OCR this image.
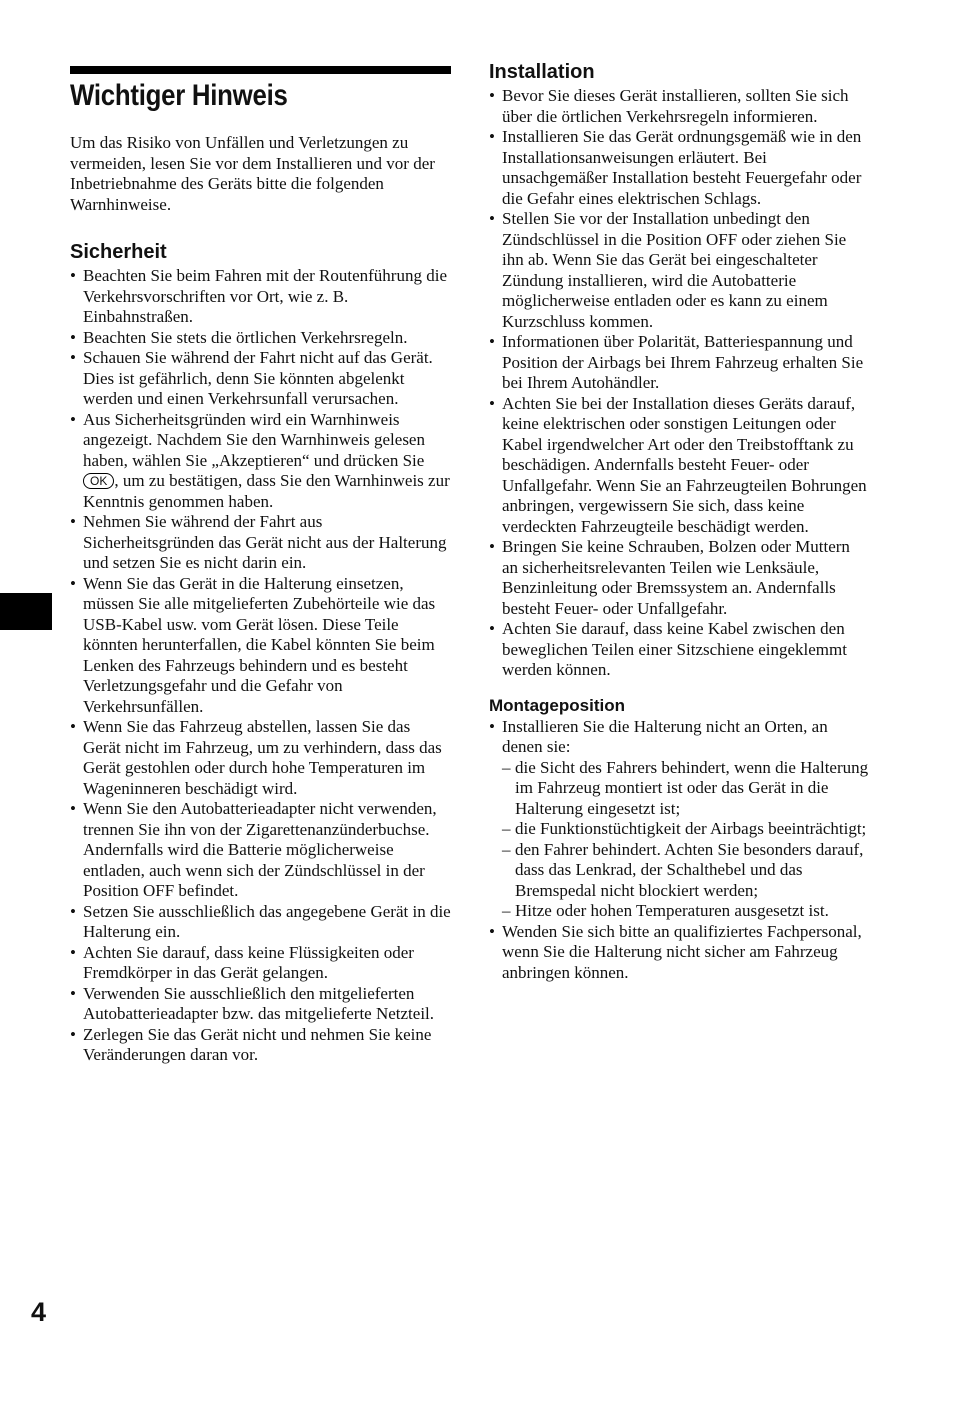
Wichtiger Hinweis
4

Um das Risiko von Unfällen und Verletzungen zu vermeiden, lesen Sie vor dem Installieren und vor der Inbetriebnahme des Geräts bitte die folgenden Warnhinweise.

Sicherheit
• Beachten Sie beim Fahren mit der Routenführung die Verkehrsvorschriften vor Ort, wie z. B. Einbahnstraßen.
• Beachten Sie stets die örtlichen Verkehrsregeln.
• Schauen Sie während der Fahrt nicht auf das Gerät. Dies ist gefährlich, denn Sie könnten abgelenkt werden und einen Verkehrsunfall verursachen.
• Aus Sicherheitsgründen wird ein Warnhinweis angezeigt. Nachdem Sie den Warnhinweis gelesen haben, wählen Sie „Akzeptieren“ und drücken Sie OK , um zu bestätigen, dass Sie den Warnhinweis zur Kenntnis genommen haben.
• Nehmen Sie während der Fahrt aus Sicherheitsgründen das Gerät nicht aus der Halterung und setzen Sie es nicht darin ein.
• Wenn Sie das Gerät in die Halterung einsetzen, müssen Sie alle mitgelieferten Zubehörteile wie das USB-Kabel usw. vom Gerät lösen. Diese Teile könnten herunterfallen, die Kabel könnten Sie beim Lenken des Fahrzeugs behindern und es besteht Verletzungsgefahr und die Gefahr von Verkehrsunfällen.
• Wenn Sie das Fahrzeug abstellen, lassen Sie das Gerät nicht im Fahrzeug, um zu verhindern, dass das Gerät gestohlen oder durch hohe Temperaturen im Wageninneren beschädigt wird.
• Wenn Sie den Autobatterieadapter nicht verwenden, trennen Sie ihn von der Zigarettenanzünderbuchse. Andernfalls wird die Batterie möglicherweise entladen, auch wenn sich der Zündschlüssel in der Position OFF befindet.
• Setzen Sie ausschließlich das angegebene Gerät in die Halterung ein.
• Achten Sie darauf, dass keine Flüssigkeiten oder Fremdkörper in das Gerät gelangen.
• Verwenden Sie ausschließlich den mitgelieferten Autobatterieadapter bzw. das mitgelieferte Netzteil.
• Zerlegen Sie das Gerät nicht und nehmen Sie keine Veränderungen daran vor.
Installation
• Bevor Sie dieses Gerät installieren, sollten Sie sich über die örtlichen Verkehrsregeln informieren.
• Installieren Sie das Gerät ordnungsgemäß wie in den Installationsanweisungen erläutert. Bei unsachgemäßer Installation besteht Feuergefahr oder die Gefahr eines elektrischen Schlags.
• Stellen Sie vor der Installation unbedingt den Zündschlüssel in die Position OFF oder ziehen Sie ihn ab. Wenn Sie das Gerät bei eingeschalteter Zündung installieren, wird die Autobatterie möglicherweise entladen oder es kann zu einem Kurzschluss kommen.
• Informationen über Polarität, Batteriespannung und Position der Airbags bei Ihrem Fahrzeug erhalten Sie bei Ihrem Autohändler.
• Achten Sie bei der Installation dieses Geräts darauf, keine elektrischen oder sonstigen Leitungen oder Kabel irgendwelcher Art oder den Treibstofftank zu beschädigen. Andernfalls besteht Feuer- oder Unfallgefahr. Wenn Sie an Fahrzeugteilen Bohrungen anbringen, vergewissern Sie sich, dass keine verdeckten Fahrzeugteile beschädigt werden.
• Bringen Sie keine Schrauben, Bolzen oder Muttern an sicherheitsrelevanten Teilen wie Lenksäule, Benzinleitung oder Bremssystem an. Andernfalls besteht Feuer- oder Unfallgefahr.
• Achten Sie darauf, dass keine Kabel zwischen den beweglichen Teilen einer Sitzschiene eingeklemmt werden können.
Montageposition
• Installieren Sie die Halterung nicht an Orten, an denen sie:
– die Sicht des Fahrers behindert, wenn die Halterung im Fahrzeug montiert ist oder das Gerät in die Halterung eingesetzt ist;
– die Funktionstüchtigkeit der Airbags beeinträchtigt;
– den Fahrer behindert. Achten Sie besonders darauf, dass das Lenkrad, der Schalthebel und das Bremspedal nicht blockiert werden;
– Hitze oder hohen Temperaturen ausgesetzt ist.
• Wenden Sie sich bitte an qualifiziertes Fachpersonal, wenn Sie die Halterung nicht sicher am Fahrzeug anbringen können.
